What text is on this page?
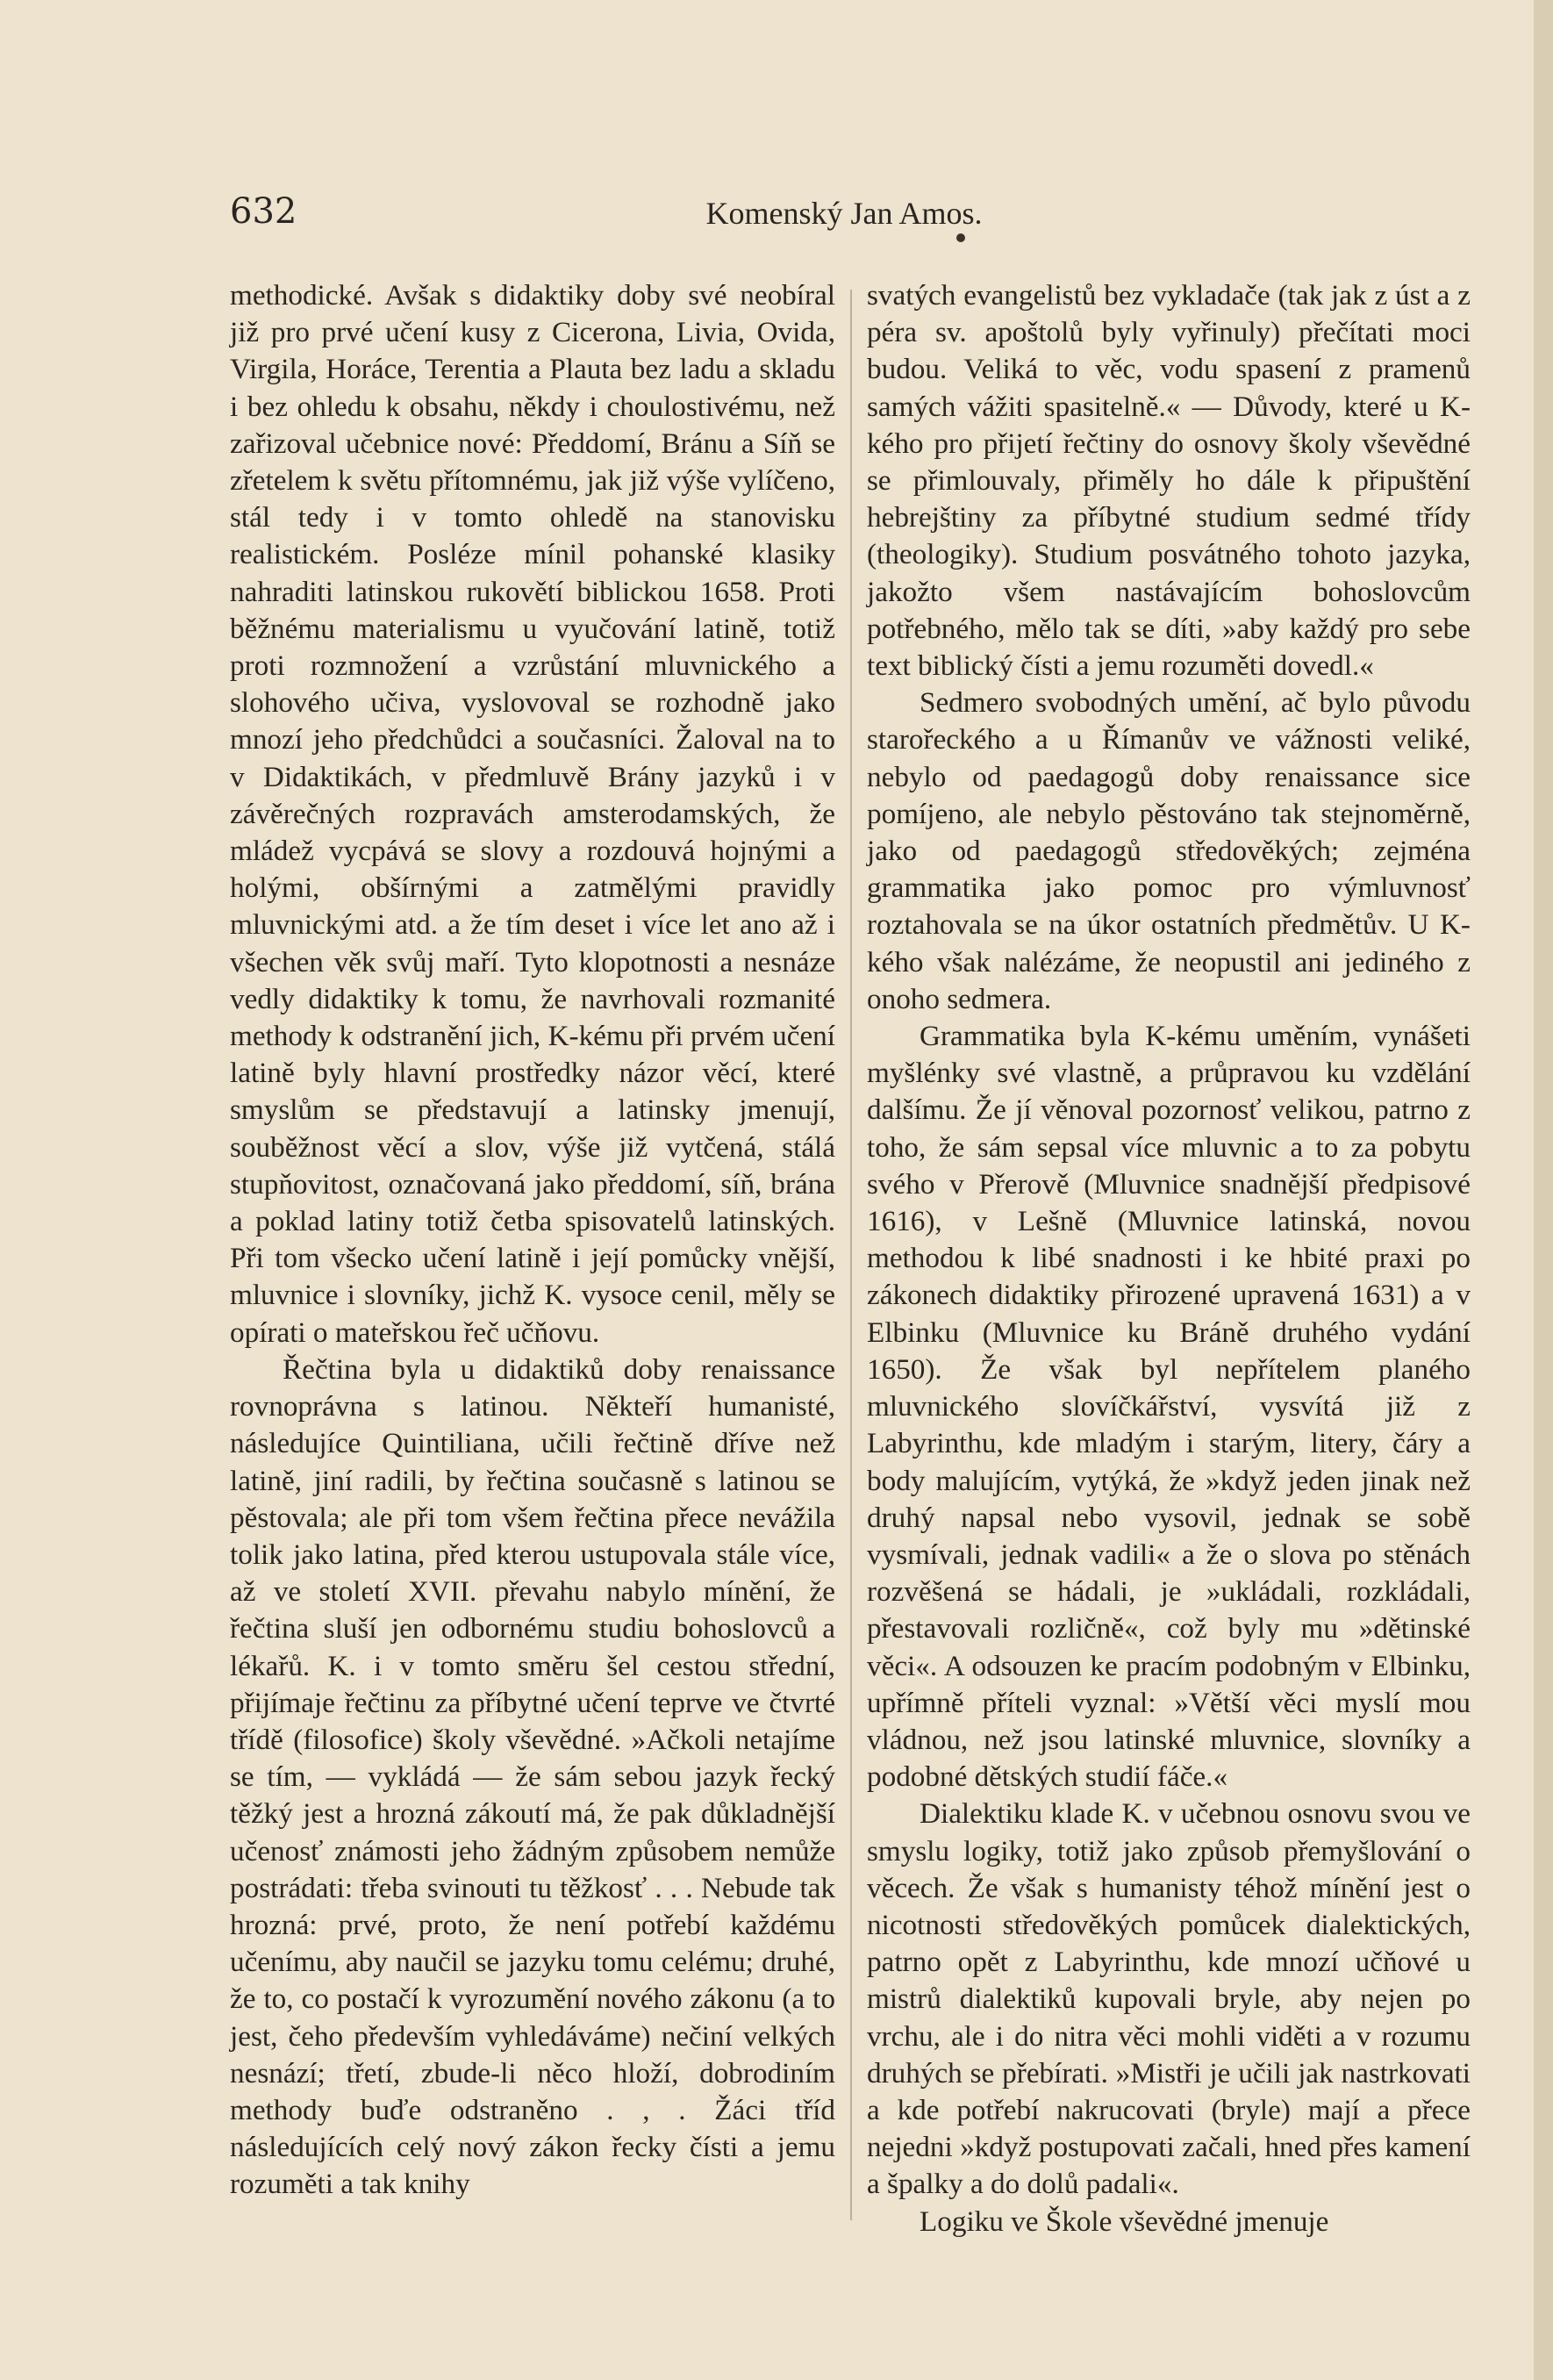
632	Komenský Jan Amos.

methodické. Avšak s didaktiky doby své neobíral již pro prvé učení kusy z Cicerona, Livia, Ovida, Virgila, Horáce, Terentia a Plauta bez ladu a skladu i bez ohledu k obsahu, někdy i choulostivému, než zařizoval učebnice nové: Předdomí, Bránu a Síň se zřetelem k světu přítomnému, jak již výše vylíčeno, stál tedy i v tomto ohledě na stanovisku realistickém. Posléze mínil pohanské klasiky nahraditi latinskou rukovětí biblickou 1658. Proti běžnému materialismu u vyučování latině, totiž proti rozmnožení a vzrůstání mluvnického a slohového učiva, vyslovoval se rozhodně jako mnozí jeho předchůdci a současníci. Žaloval na to v Didaktikách, v předmluvě Brány jazyků i v závěrečných rozpravách amsterodamských, že mládež vycpává se slovy a rozdouvá hojnými a holými, obšírnými a zatmělými pravidly mluvnickými atd. a že tím deset i více let ano až i všechen věk svůj maří. Tyto klopotnosti a nesnáze vedly didaktiky k tomu, že navrhovali rozmanité methody k odstranění jich, K-kému při prvém učení latině byly hlavní prostředky názor věcí, které smyslům se představují a latinsky jmenují, souběžnost věcí a slov, výše již vytčená, stálá stupňovitost, označovaná jako předdomí, síň, brána a poklad latiny totiž četba spisovatelů latinských. Při tom všecko učení latině i její pomůcky vnější, mluvnice i slovníky, jichž K. vysoce cenil, měly se opírati o mateřskou řeč učňovu.

Řečtina byla u didaktiků doby renaissance rovnoprávna s latinou. Někteří humanisté, následujíce Quintiliana, učili řečtině dříve než latině, jiní radili, by řečtina současně s latinou se pěstovala; ale při tom všem řečtina přece nevážila tolik jako latina, před kterou ustupovala stále více, až ve století XVII. převahu nabylo mínění, že řečtina sluší jen odbornému studiu bohoslovců a lékařů. K. i v tomto směru šel cestou střední, přijímaje řečtinu za příbytné učení teprve ve čtvrté třídě (filosofice) školy vševědné. »Ačkoli netajíme se tím, — vykládá — že sám sebou jazyk řecký těžký jest a hrozná zákoutí má, že pak důkladnější učenosť známosti jeho žádným způsobem nemůže postrádati: třeba svinouti tu těžkosť . . . Nebude tak hrozná: prvé, proto, že není potřebí každému učenímu, aby naučil se jazyku tomu celému; druhé, že to, co postačí k vyrozumění nového zákonu (a to jest, čeho především vyhledáváme) nečiní velkých nesnází; třetí, zbude-li něco hloží, dobrodiním methody buďe odstraněno . , . Žáci tříd následujících celý nový zákon řecky čísti a jemu rozuměti a tak knihy

svatých evangelistů bez vykladače (tak jak z úst a z péra sv. apoštolů byly vyřinuly) přečítati moci budou. Veliká to věc, vodu spasení z pramenů samých vážiti spasitelně.« — Důvody, které u K-kého pro přijetí řečtiny do osnovy školy vševědné se přimlouvaly, přiměly ho dále k připuštění hebrejštiny za příbytné studium sedmé třídy (theologiky). Studium posvátného tohoto jazyka, jakožto všem nastávajícím bohoslovcům potřebného, mělo tak se díti, »aby každý pro sebe text biblický čísti a jemu rozuměti dovedl.«

Sedmero svobodných umění, ač bylo původu starořeckého a u Římanův ve vážnosti veliké, nebylo od paedagogů doby renaissance sice pomíjeno, ale nebylo pěstováno tak stejnoměrně, jako od paedagogů středověkých; zejména grammatika jako pomoc pro výmluvnosť roztahovala se na úkor ostatních předmětův. U K-kého však nalézáme, že neopustil ani jediného z onoho sedmera.

Grammatika byla K-kému uměním, vynášeti myšlénky své vlastně, a průpravou ku vzdělání dalšímu. Že jí věnoval pozornosť velikou, patrno z toho, že sám sepsal více mluvnic a to za pobytu svého v Přerově (Mluvnice snadnější předpisové 1616), v Lešně (Mluvnice latinská, novou methodou k libé snadnosti i ke hbité praxi po zákonech didaktiky přirozené upravená 1631) a v Elbinku (Mluvnice ku Bráně druhého vydání 1650). Že však byl nepřítelem planého mluvnického slovíčkářství, vysvítá již z Labyrinthu, kde mladým i starým, litery, čáry a body malujícím, vytýká, že »když jeden jinak než druhý napsal nebo vysovil, jednak se sobě vysmívali, jednak vadili« a že o slova po stěnách rozvěšená se hádali, je »ukládali, rozkládali, přestavovali rozličně«, což byly mu »dětinské věci«. A odsouzen ke pracím podobným v Elbinku, upřímně příteli vyznal: »Větší věci myslí mou vládnou, než jsou latinské mluvnice, slovníky a podobné dětských studií fáče.«

Dialektiku klade K. v učebnou osnovu svou ve smyslu logiky, totiž jako způsob přemyšlování o věcech. Že však s humanisty téhož mínění jest o nicotnosti středověkých pomůcek dialektických, patrno opět z Labyrinthu, kde mnozí učňové u mistrů dialektiků kupovali bryle, aby nejen po vrchu, ale i do nitra věci mohli viděti a v rozumu druhých se přebírati. »Mistři je učili jak nastrkovati a kde potřebí nakrucovati (bryle) mají a přece nejedni »když postupovati začali, hned přes kamení a špalky a do dolů padali«.

Logiku ve Škole vševědné jmenuje
